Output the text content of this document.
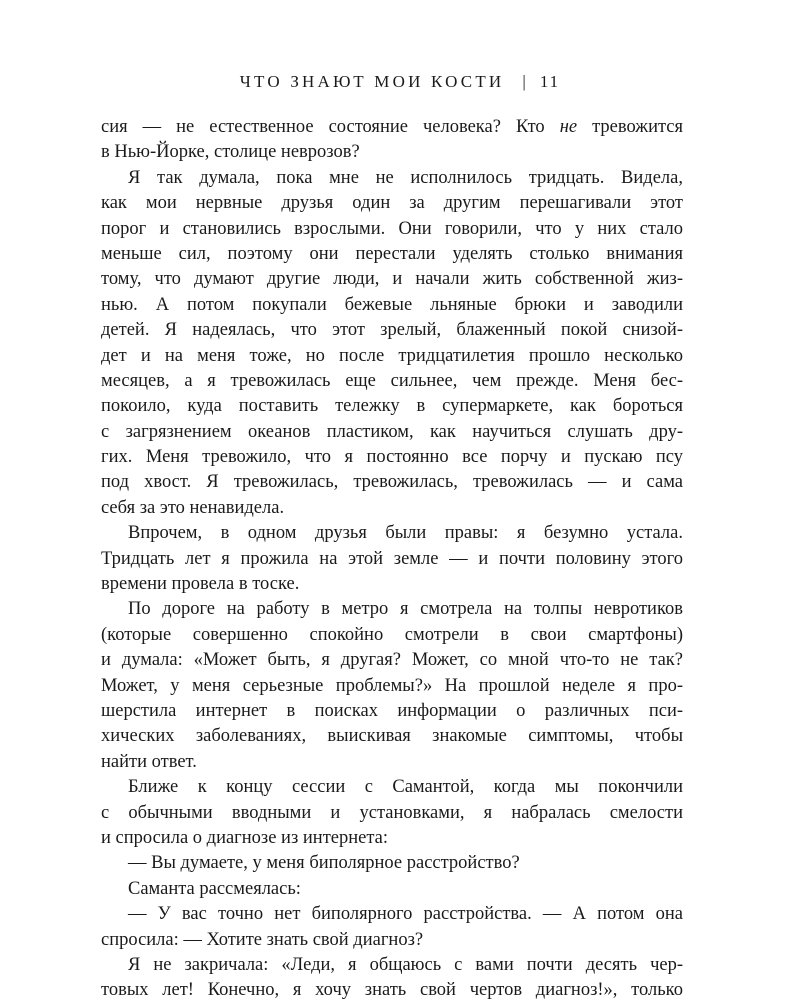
ЧТО ЗНАЮТ МОИ КОСТИ | 11
сия — не естественное состояние человека? Кто не тревожится
в Нью-Йорке, столице неврозов?
Я так думала, пока мне не исполнилось тридцать. Видела,
как мои нервные друзья один за другим перешагивали этот
порог и становились взрослыми. Они говорили, что у них стало
меньше сил, поэтому они перестали уделять столько внимания
тому, что думают другие люди, и начали жить собственной жиз-
нью. А потом покупали бежевые льняные брюки и заводили
детей. Я надеялась, что этот зрелый, блаженный покой снизой-
дет и на меня тоже, но после тридцатилетия прошло несколько
месяцев, а я тревожилась еще сильнее, чем прежде. Меня бес-
покоило, куда поставить тележку в супермаркете, как бороться
с загрязнением океанов пластиком, как научиться слушать дру-
гих. Меня тревожило, что я постоянно все порчу и пускаю псу
под хвост. Я тревожилась, тревожилась, тревожилась — и сама
себя за это ненавидела.
Впрочем, в одном друзья были правы: я безумно устала.
Тридцать лет я прожила на этой земле — и почти половину этого
времени провела в тоске.
По дороге на работу в метро я смотрела на толпы невротиков
(которые совершенно спокойно смотрели в свои смартфоны)
и думала: «Может быть, я другая? Может, со мной что-то не так?
Может, у меня серьезные проблемы?» На прошлой неделе я про-
шерстила интернет в поисках информации о различных пси-
хических заболеваниях, выискивая знакомые симптомы, чтобы
найти ответ.
Ближе к концу сессии с Самантой, когда мы покончили
с обычными вводными и установками, я набралась смелости
и спросила о диагнозе из интернета:
— Вы думаете, у меня биполярное расстройство?
Саманта рассмеялась:
— У вас точно нет биполярного расстройства. — А потом она
спросила: — Хотите знать свой диагноз?
Я не закричала: «Леди, я общаюсь с вами почти десять чер-
товых лет! Конечно, я хочу знать свой чертов диагноз!», только
